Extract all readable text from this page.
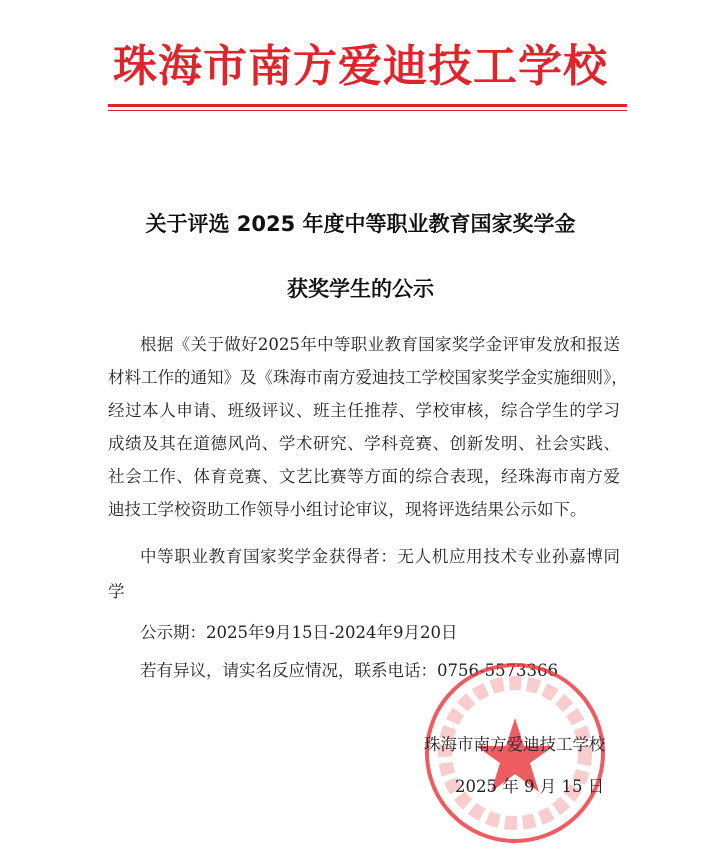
珠海市南方爱迪技工学校
关于评选 2025 年度中等职业教育国家奖学金
获奖学生的公示
根据《关于做好2025年中等职业教育国家奖学金评审发放和报送
材料工作的通知》及《珠海市南方爱迪技工学校国家奖学金实施细则》，
经过本人申请、班级评议、班主任推荐、学校审核，综合学生的学习
成绩及其在道德风尚、学术研究、学科竞赛、创新发明、社会实践、
社会工作、体育竞赛、文艺比赛等方面的综合表现，经珠海市南方爱
迪技工学校资助工作领导小组讨论审议，现将评选结果公示如下。
中等职业教育国家奖学金获得者：无人机应用技术专业孙嘉博同
学
公示期：2025年9月15日-2024年9月20日
若有异议，请实名反应情况，联系电话：0756-5573366
珠海市南方爱迪技工学校
2025 年 9 月 15 日
